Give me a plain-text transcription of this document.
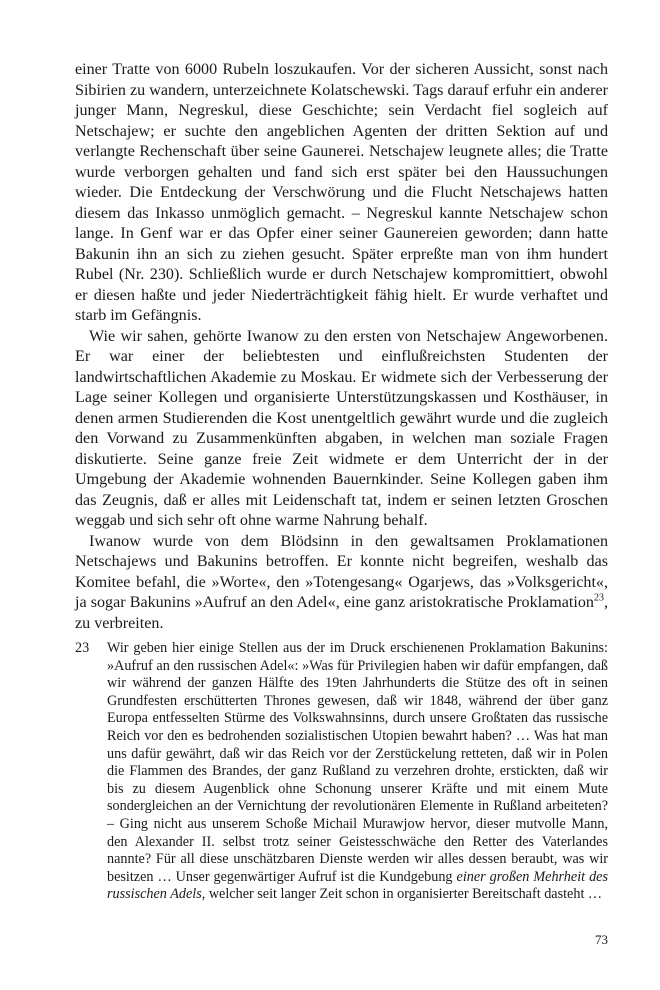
einer Tratte von 6000 Rubeln loszukaufen. Vor der sicheren Aussicht, sonst nach Sibirien zu wandern, unterzeichnete Kolatschewski. Tags darauf erfuhr ein anderer junger Mann, Negreskul, diese Geschichte; sein Verdacht fiel sogleich auf Netschajew; er suchte den angeblichen Agenten der dritten Sektion auf und verlangte Rechenschaft über seine Gaunerei. Netschajew leugnete alles; die Tratte wurde verborgen gehalten und fand sich erst später bei den Haussuchungen wieder. Die Entdeckung der Verschwörung und die Flucht Netschajews hatten diesem das Inkasso unmöglich gemacht. – Negreskul kannte Netschajew schon lange. In Genf war er das Opfer einer seiner Gaunereien geworden; dann hatte Bakunin ihn an sich zu ziehen gesucht. Später erpreßte man von ihm hundert Rubel (Nr. 230). Schließlich wurde er durch Netschajew kompromittiert, obwohl er diesen haßte und jeder Niederträchtigkeit fähig hielt. Er wurde verhaftet und starb im Gefängnis.

Wie wir sahen, gehörte Iwanow zu den ersten von Netschajew Angeworbenen. Er war einer der beliebtesten und einflußreichsten Studenten der landwirtschaftlichen Akademie zu Moskau. Er widmete sich der Verbesserung der Lage seiner Kollegen und organisierte Unterstützungskassen und Kosthäuser, in denen armen Studierenden die Kost unentgeltlich gewährt wurde und die zugleich den Vorwand zu Zusammenkünften abgaben, in welchen man soziale Fragen diskutierte. Seine ganze freie Zeit widmete er dem Unterricht der in der Umgebung der Akademie wohnenden Bauernkinder. Seine Kollegen gaben ihm das Zeugnis, daß er alles mit Leidenschaft tat, indem er seinen letzten Groschen weggab und sich sehr oft ohne warme Nahrung behalf.

Iwanow wurde von dem Blödsinn in den gewaltsamen Proklamationen Netschajews und Bakunins betroffen. Er konnte nicht begreifen, weshalb das Komitee befahl, die »Worte«, den »Totengesang« Ogarjews, das »Volksgericht«, ja sogar Bakunins »Aufruf an den Adel«, eine ganz aristokratische Proklamation$^{23}$, zu verbreiten.

23 Wir geben hier einige Stellen aus der im Druck erschienenen Proklamation Bakunins: »Aufruf an den russischen Adel«: »Was für Privilegien haben wir dafür empfangen, daß wir während der ganzen Hälfte des 19ten Jahrhunderts die Stütze des oft in seinen Grundfesten erschütterten Thrones gewesen, daß wir 1848, während der über ganz Europa entfesselten Stürme des Volkswahnsinns, durch unsere Großtaten das russische Reich vor den es bedrohenden sozialistischen Utopien bewahrt haben? … Was hat man uns dafür gewährt, daß wir das Reich vor der Zerstückelung retteten, daß wir in Polen die Flammen des Brandes, der ganz Rußland zu verzehren drohte, erstickten, daß wir bis zu diesem Augenblick ohne Schonung unserer Kräfte und mit einem Mute sondergleichen an der Vernichtung der revolutionären Elemente in Rußland arbeiteten? – Ging nicht aus unserem Schoße Michail Murawjow hervor, dieser mutvolle Mann, den Alexander II. selbst trotz seiner Geistesschwäche den Retter des Vaterlandes nannte? Für all diese unschätzbaren Dienste werden wir alles dessen beraubt, was wir besitzen … Unser gegenwärtiger Aufruf ist die Kundgebung einer großen Mehrheit des russischen Adels, welcher seit langer Zeit schon in organisierter Bereitschaft dasteht …
73
